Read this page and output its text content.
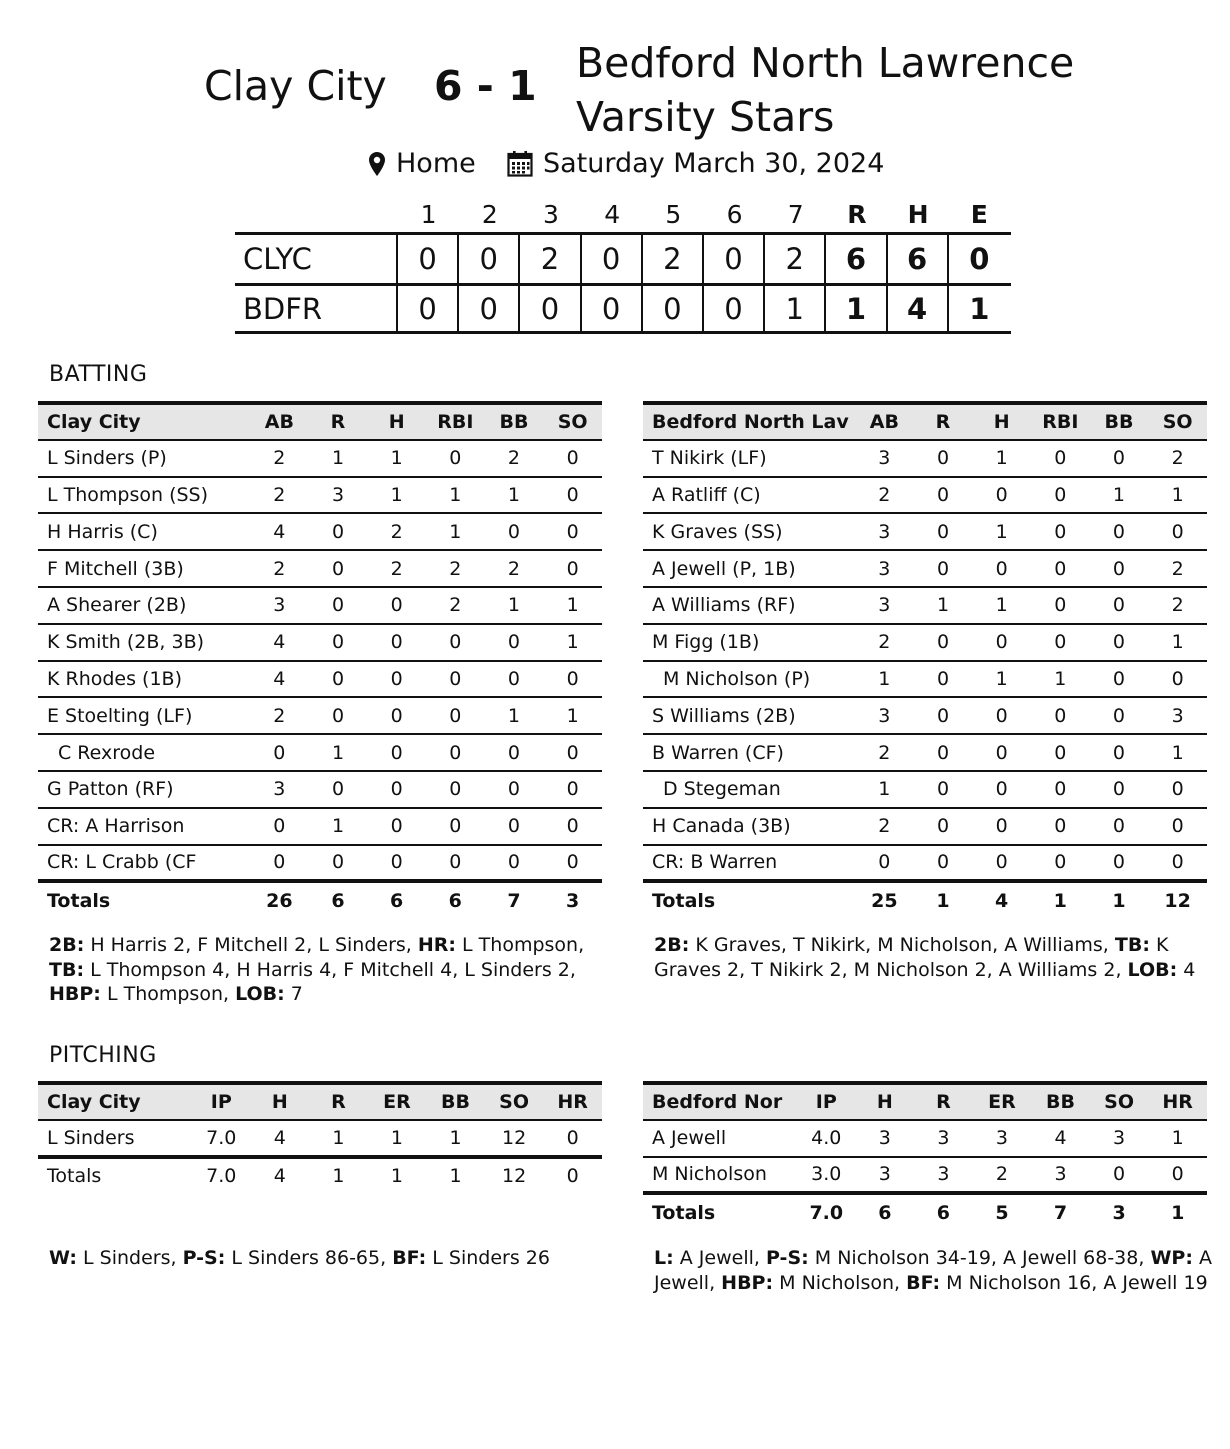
Clay City 6 - 1 Bedford North Lawrence Varsity Stars
Home Saturday March 30, 2024
1	2	3	4	5	6	7	R	H	E
CLYC	0	0	2	0	2	0	2	6	6	0
BDFR	0	0	0	0	0	0	1	1	4	1
BATTING
Clay City	AB	R	H	RBI	BB	SO
L Sinders (P)	2	1	1	0	2	0
L Thompson (SS)	2	3	1	1	1	0
H Harris (C)	4	0	2	1	0	0
F Mitchell (3B)	2	0	2	2	2	0
A Shearer (2B)	3	0	0	2	1	1
K Smith (2B, 3B)	4	0	0	0	0	1
K Rhodes (1B)	4	0	0	0	0	0
E Stoelting (LF)	2	0	0	0	1	1
C Rexrode	0	1	0	0	0	0
G Patton (RF)	3	0	0	0	0	0
CR: A Harrison	0	1	0	0	0	0
CR: L Crabb (CF	0	0	0	0	0	0
Totals	26	6	6	6	7	3
Bedford North Lav	AB	R	H	RBI	BB	SO
T Nikirk (LF)	3	0	1	0	0	2
A Ratliff (C)	2	0	0	0	1	1
K Graves (SS)	3	0	1	0	0	0
A Jewell (P, 1B)	3	0	0	0	0	2
A Williams (RF)	3	1	1	0	0	2
M Figg (1B)	2	0	0	0	0	1
M Nicholson (P)	1	0	1	1	0	0
S Williams (2B)	3	0	0	0	0	3
B Warren (CF)	2	0	0	0	0	1
D Stegeman	1	0	0	0	0	0
H Canada (3B)	2	0	0	0	0	0
CR: B Warren	0	0	0	0	0	0
Totals	25	1	4	1	1	12
2B: H Harris 2, F Mitchell 2, L Sinders, HR: L Thompson, TB: L Thompson 4, H Harris 4, F Mitchell 4, L Sinders 2, HBP: L Thompson, LOB: 7
2B: K Graves, T Nikirk, M Nicholson, A Williams, TB: K Graves 2, T Nikirk 2, M Nicholson 2, A Williams 2, LOB: 4
PITCHING
Clay City	IP	H	R	ER	BB	SO	HR
L Sinders	7.0	4	1	1	1	12	0
Totals	7.0	4	1	1	1	12	0
Bedford Nor	IP	H	R	ER	BB	SO	HR
A Jewell	4.0	3	3	3	4	3	1
M Nicholson	3.0	3	3	2	3	0	0
Totals	7.0	6	6	5	7	3	1
W: L Sinders, P-S: L Sinders 86-65, BF: L Sinders 26	L: A Jewell, P-S: M Nicholson 34-19, A Jewell 68-38, WP: A Jewell, HBP: M Nicholson, BF: M Nicholson 16, A Jewell 19
